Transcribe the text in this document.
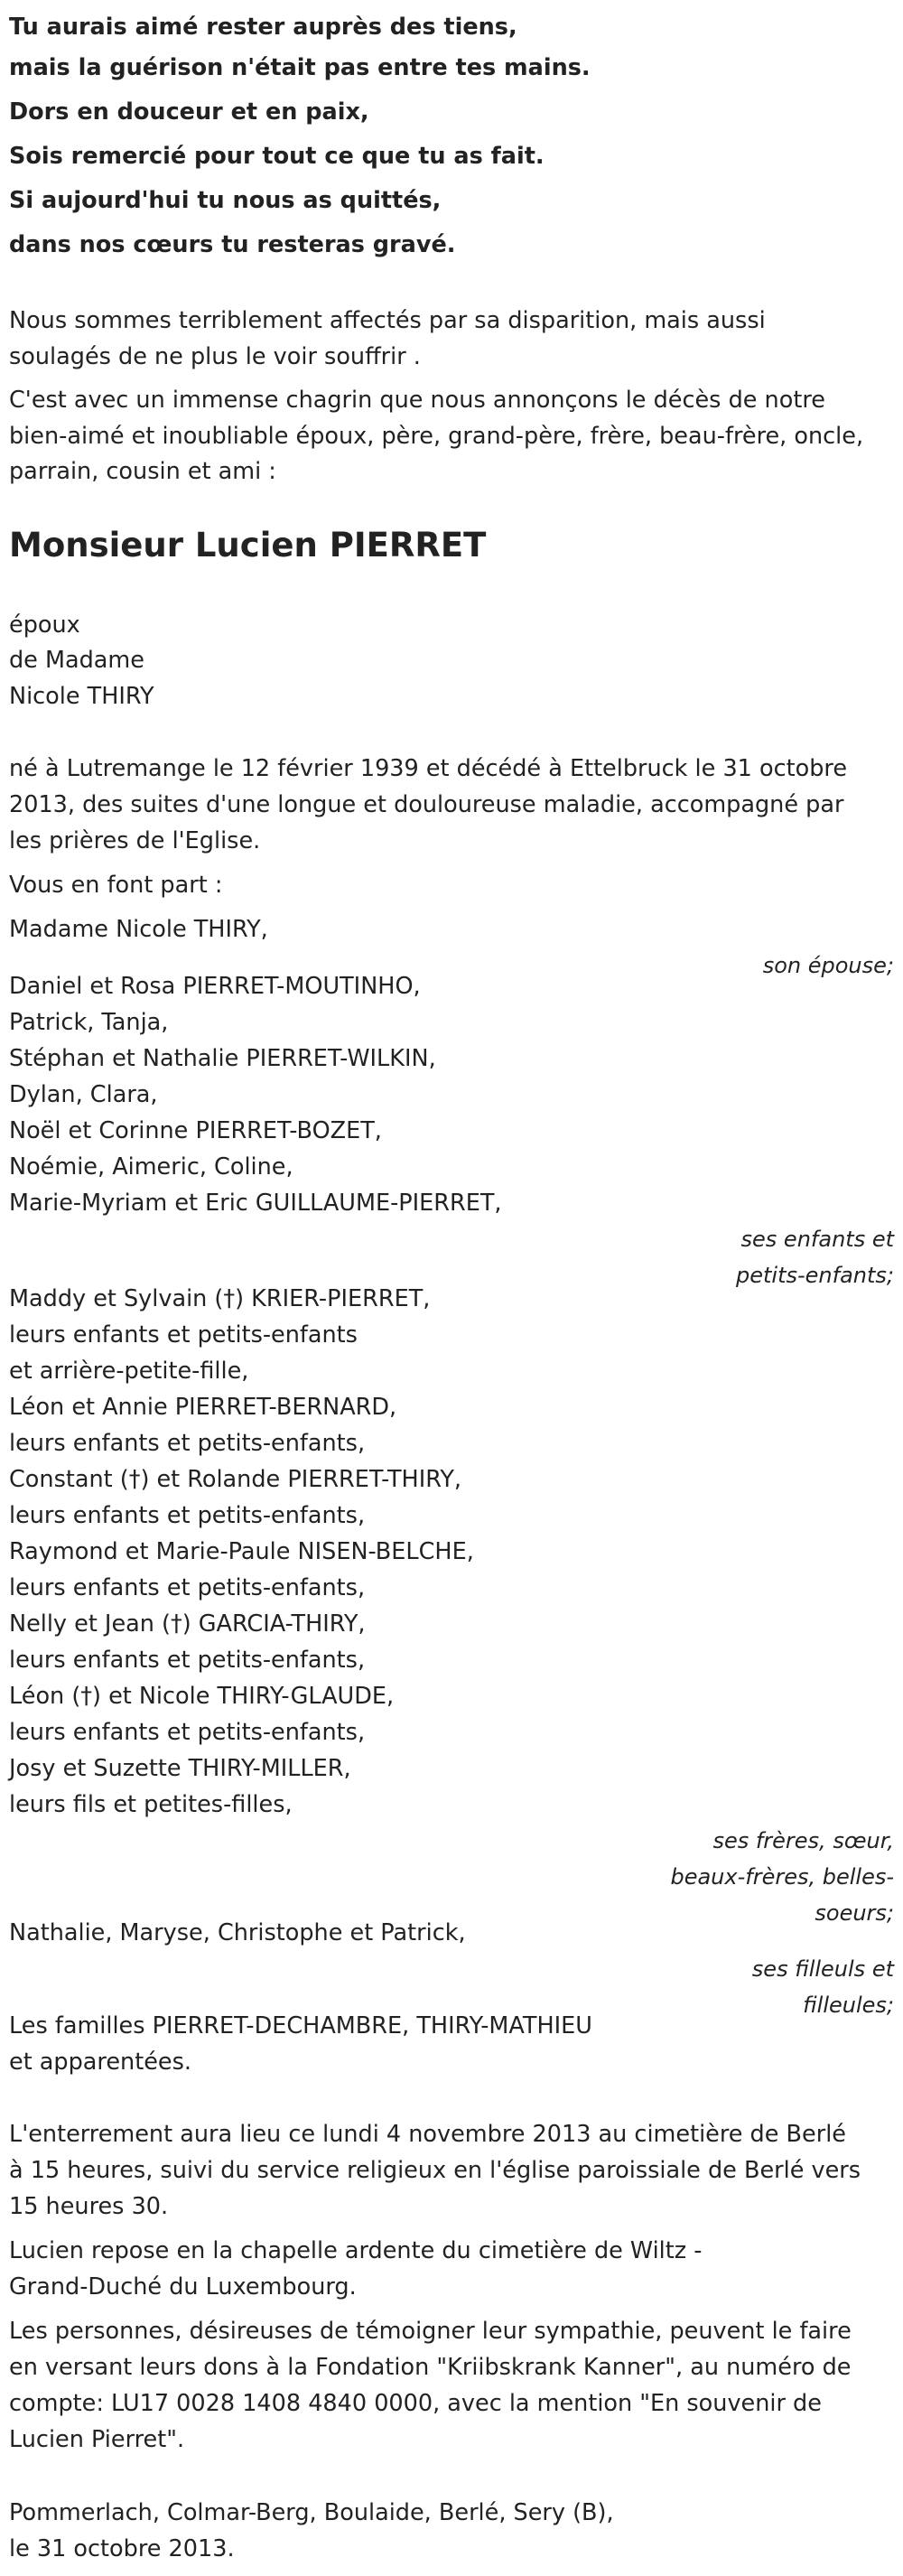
Tu aurais aimé rester auprès des tiens,
mais la guérison n'était pas entre tes mains.
Dors en douceur et en paix,
Sois remercié pour tout ce que tu as fait.
Si aujourd'hui tu nous as quittés,
dans nos cœurs tu resteras gravé.
Nous sommes terriblement affectés par sa disparition, mais aussi
soulagés de ne plus le voir souffrir .
C'est avec un immense chagrin que nous annonçons le décès de notre
bien-aimé et inoubliable époux, père, grand-père, frère, beau-frère, oncle,
parrain, cousin et ami :
Monsieur Lucien PIERRET
époux
de Madame
Nicole THIRY
né à Lutremange le 12 février 1939 et décédé à Ettelbruck le 31 octobre
2013, des suites d'une longue et douloureuse maladie, accompagné par
les prières de l'Eglise.
Vous en font part :
Madame Nicole THIRY,
son épouse;
Daniel et Rosa PIERRET-MOUTINHO,
Patrick, Tanja,
Stéphan et Nathalie PIERRET-WILKIN,
Dylan, Clara,
Noël et Corinne PIERRET-BOZET,
Noémie, Aimeric, Coline,
Marie-Myriam et Eric GUILLAUME-PIERRET,
ses enfants et
petits-enfants;
Maddy et Sylvain (†) KRIER-PIERRET,
leurs enfants et petits-enfants
et arrière-petite-fille,
Léon et Annie PIERRET-BERNARD,
leurs enfants et petits-enfants,
Constant (†) et Rolande PIERRET-THIRY,
leurs enfants et petits-enfants,
Raymond et Marie-Paule NISEN-BELCHE,
leurs enfants et petits-enfants,
Nelly et Jean (†) GARCIA-THIRY,
leurs enfants et petits-enfants,
Léon (†) et Nicole THIRY-GLAUDE,
leurs enfants et petits-enfants,
Josy et Suzette THIRY-MILLER,
leurs fils et petites-filles,
ses frères, sœur,
beaux-frères, belles-
soeurs;
Nathalie, Maryse, Christophe et Patrick,
ses filleuls et
filleules;
Les familles PIERRET-DECHAMBRE, THIRY-MATHIEU
et apparentées.
L'enterrement aura lieu ce lundi 4 novembre 2013 au cimetière de Berlé
à 15 heures, suivi du service religieux en l'église paroissiale de Berlé vers
15 heures 30.
Lucien repose en la chapelle ardente du cimetière de Wiltz -
Grand-Duché du Luxembourg.
Les personnes, désireuses de témoigner leur sympathie, peuvent le faire
en versant leurs dons à la Fondation "Kriibskrank Kanner", au numéro de
compte: LU17 0028 1408 4840 0000, avec la mention "En souvenir de
Lucien Pierret".
Pommerlach, Colmar-Berg, Boulaide, Berlé, Sery (B),
le 31 octobre 2013.
